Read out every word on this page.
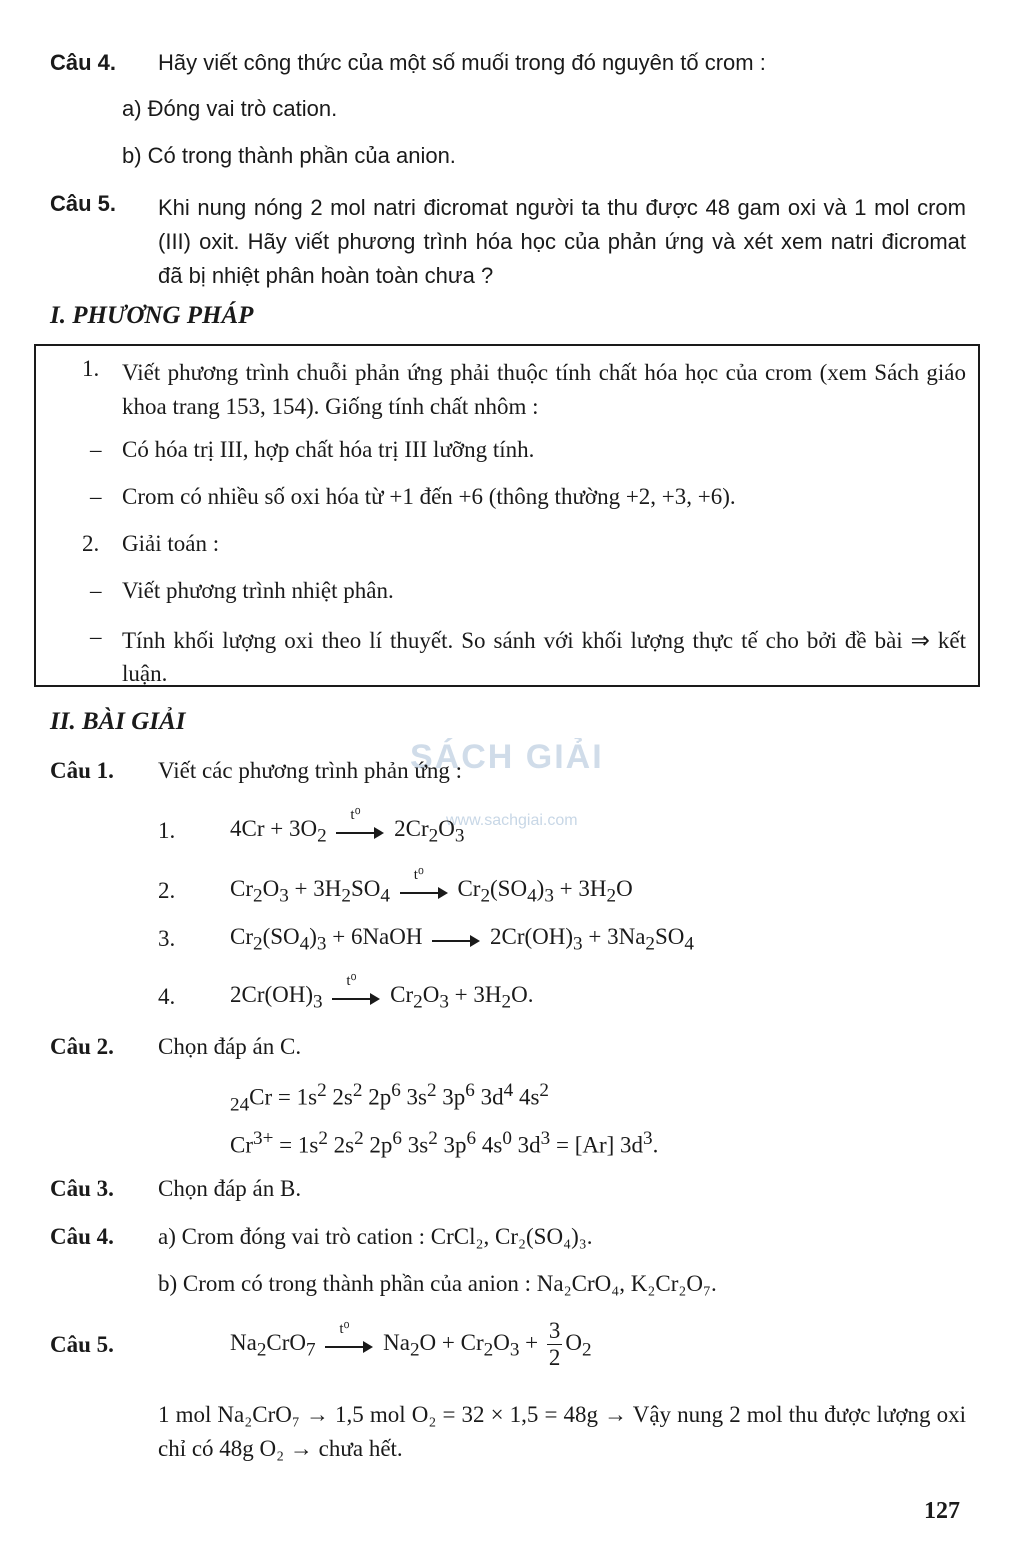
Câu 4. Hãy viết công thức của một số muối trong đó nguyên tố crom :
a) Đóng vai trò cation.
b) Có trong thành phần của anion.
Câu 5. Khi nung nóng 2 mol natri đicromat người ta thu được 48 gam oxi và 1 mol crom (III) oxit. Hãy viết phương trình hóa học của phản ứng và xét xem natri đicromat đã bị nhiệt phân hoàn toàn chưa ?
I. PHƯƠNG PHÁP
1. Viết phương trình chuỗi phản ứng phải thuộc tính chất hóa học của crom (xem Sách giáo khoa trang 153, 154). Giống tính chất nhôm :
– Có hóa trị III, hợp chất hóa trị III lưỡng tính.
– Crom có nhiều số oxi hóa từ +1 đến +6 (thông thường +2, +3, +6).
2. Giải toán :
– Viết phương trình nhiệt phân.
– Tính khối lượng oxi theo lí thuyết. So sánh với khối lượng thực tế cho bởi đề bài ⇒ kết luận.
II. BÀI GIẢI
SÁCH GIẢI
www.sachgiai.com
Câu 1. Viết các phương trình phản ứng :
1. $4Cr + 3O_2$
t⁰
$2Cr_2O_3$
2. $Cr_2O_3 + 3H_2SO_4$
t⁰
$Cr_2(SO_4)_3 + 3H_2O$
3. $Cr_2(SO_4)_3$ + 6NaOH
$2Cr(OH)_3 + 3Na_2SO_4$
4. $2Cr(OH)_3$
t⁰
$Cr_2O_3 + 3H_2O$.
Câu 2. Chọn đáp án C.
$_{24}Cr = 1s^2$ $2s^2$ $2p^6$ $3s^2$ $3p^6$ $3d^4$ $4s^2$
$Cr^{3+} = 1s^2$ $2s^2$ $2p^6$ $3s^2$ $3p^6$ $4s^0$ $3d^3 = [Ar]$ $3d^3$.
Câu 3. Chọn đáp án B.
Câu 4. a) Crom đóng vai trò cation : CrCl₂, Cr₂(SO₄)₃.
b) Crom có trong thành phần của anion : Na₂CrO₄, K₂Cr₂O₇.
Câu 5.	$Na_2CrO_7$
t⁰
$Na_2O + Cr_2O_3 + \frac{3}{2} O_2$
1 mol Na₂CrO₇ → 1,5 mol O₂ = 32 × 1,5 = 48g → Vậy nung 2 mol thu được lượng oxi chỉ có 48g O₂ → chưa hết.
127
